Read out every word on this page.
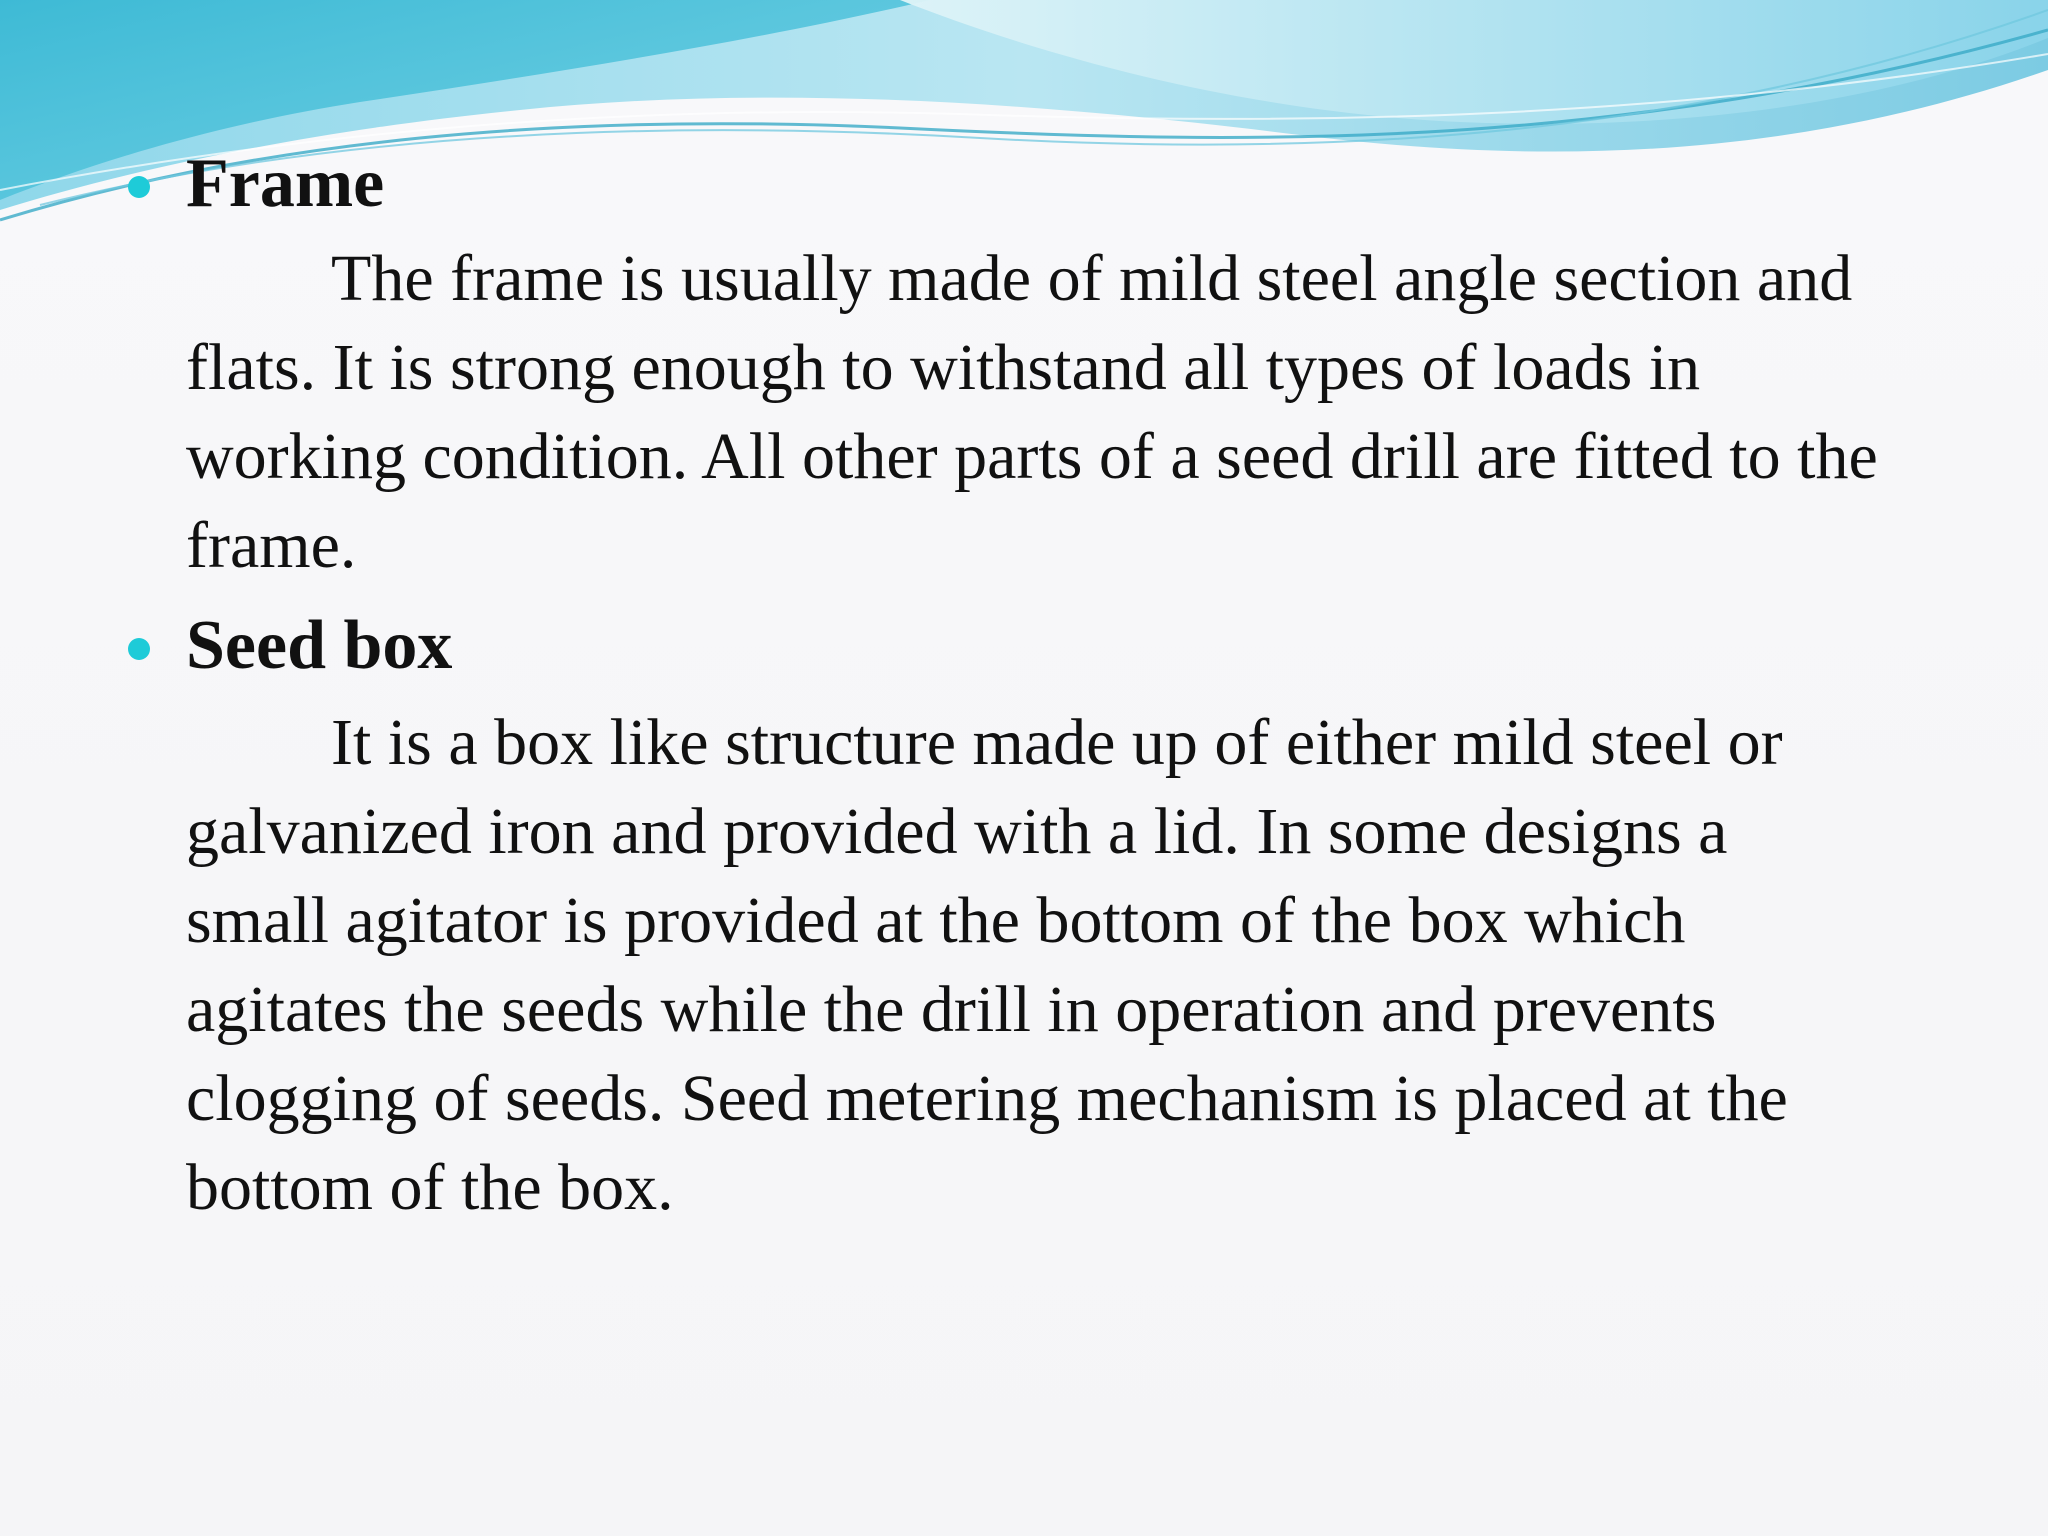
Frame
The frame is usually made of mild steel angle section and flats. It is strong enough to withstand all types of loads in working condition. All other parts of a seed drill are fitted to the frame.
Seed box
It is a box like structure made up of either mild steel or galvanized iron and provided with a lid. In some designs a small agitator is provided at the bottom of the box which agitates the seeds while the drill in operation and prevents clogging of seeds. Seed metering mechanism is placed at the bottom of the box.
